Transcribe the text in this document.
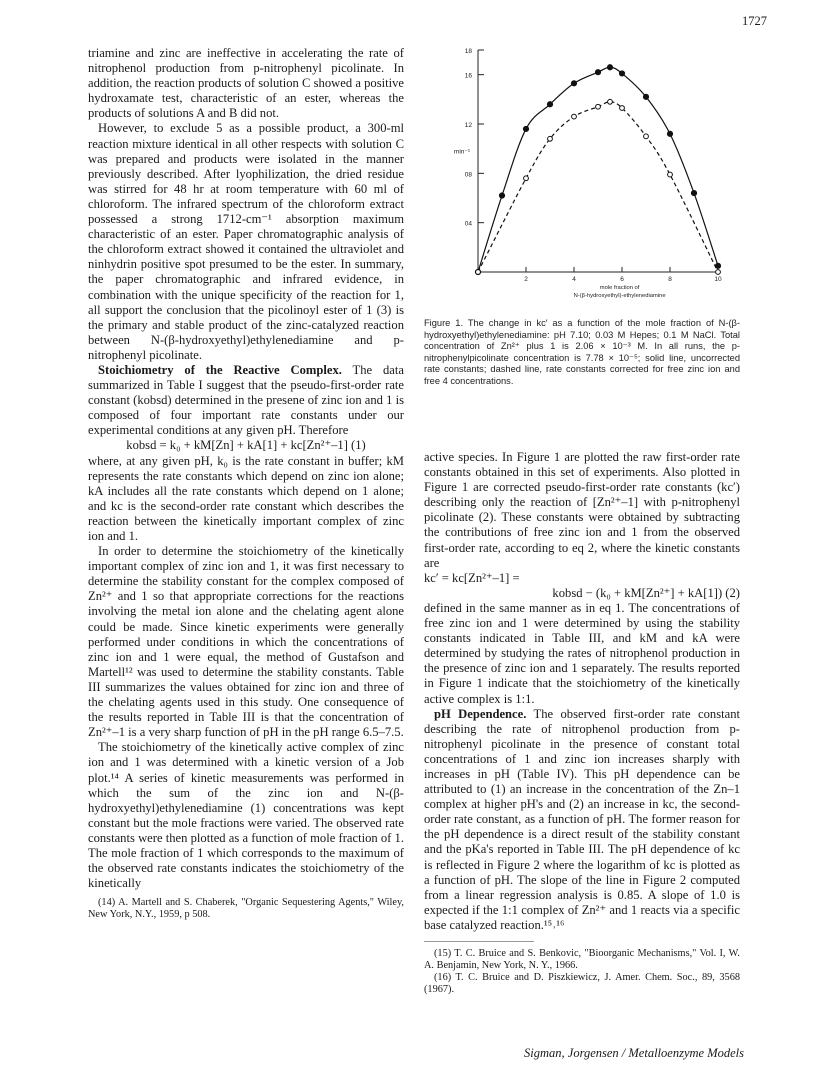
1727

triamine and zinc are ineffective in accelerating the rate of nitrophenol production from p-nitrophenyl picolinate. In addition, the reaction products of solution C showed a positive hydroxamate test, characteristic of an ester, whereas the products of solutions A and B did not.

However, to exclude 5 as a possible product, a 300-ml reaction mixture identical in all other respects with solution C was prepared and products were isolated in the manner previously described. After lyophilization, the dried residue was stirred for 48 hr at room temperature with 60 ml of chloroform. The infrared spectrum of the chloroform extract possessed a strong 1712-cm⁻¹ absorption maximum characteristic of an ester. Paper chromatographic analysis of the chloroform extract showed it contained the ultraviolet and ninhydrin positive spot presumed to be the ester. In summary, the paper chromatographic and infrared evidence, in combination with the unique specificity of the reaction for 1, all support the conclusion that the picolinoyl ester of 1 (3) is the primary and stable product of the zinc-catalyzed reaction between N-(β-hydroxyethyl)ethylenediamine and p-nitrophenyl picolinate.

Stoichiometry of the Reactive Complex. The data summarized in Table I suggest that the pseudo-first-order rate constant (kobsd) determined in the presene of zinc ion and 1 is composed of four important rate constants under our experimental conditions at any given pH. Therefore

kobsd = k₀ + kM[Zn] + kA[1] + kc[Zn²⁺–1] (1)

where, at any given pH, k₀ is the rate constant in buffer; kM represents the rate constants which depend on zinc ion alone; kA includes all the rate constants which depend on 1 alone; and kc is the second-order rate constant which describes the reaction between the kinetically important complex of zinc ion and 1.

In order to determine the stoichiometry of the kinetically important complex of zinc ion and 1, it was first necessary to determine the stability constant for the complex composed of Zn²⁺ and 1 so that appropriate corrections for the reactions involving the metal ion alone and the chelating agent alone could be made. Since kinetic experiments were generally performed under conditions in which the concentrations of zinc ion and 1 were equal, the method of Gustafson and Martell¹² was used to determine the stability constants. Table III summarizes the values obtained for zinc ion and three of the chelating agents used in this study. One consequence of the results reported in Table III is that the concentration of Zn²⁺–1 is a very sharp function of pH in the pH range 6.5–7.5.

The stoichiometry of the kinetically active complex of zinc ion and 1 was determined with a kinetic version of a Job plot.¹⁴ A series of kinetic measurements was performed in which the sum of the zinc ion and N-(β-hydroxyethyl)ethylenediamine (1) concentrations was kept constant but the mole fractions were varied. The observed rate constants were then plotted as a function of mole fraction of 1. The mole fraction of 1 which corresponds to the maximum of the observed rate constants indicates the stoichiometry of the kinetically

(14) A. Martell and S. Chaberek, "Organic Sequestering Agents," Wiley, New York, N.Y., 1959, p 508.

04
08
12
16
18
2	4	6	8	10
min⁻¹
mole fraction of
N-(β-hydroxyethyl)-ethylenediamine
Figure 1. The change in kc′ as a function of the mole fraction of N-(β-hydroxyethyl)ethylenediamine: pH 7.10; 0.03 M Hepes; 0.1 M NaCl. Total concentration of Zn²⁺ plus 1 is 2.06 × 10⁻³ M. In all runs, the p-nitrophenylpicolinate concentration is 7.78 × 10⁻⁵; solid line, uncorrected rate constants; dashed line, rate constants corrected for free zinc ion and free 4 concentrations.

active species. In Figure 1 are plotted the raw first-order rate constants obtained in this set of experiments. Also plotted in Figure 1 are corrected pseudo-first-order rate constants (kc′) describing only the reaction of [Zn²⁺–1] with p-nitrophenyl picolinate (2). These constants were obtained by subtracting the contributions of free zinc ion and 1 from the observed first-order rate, according to eq 2, where the kinetic constants are

kc′ = kc[Zn²⁺–1] =

kobsd − (k₀ + kM[Zn²⁺] + kA[1]) (2)

defined in the same manner as in eq 1. The concentrations of free zinc ion and 1 were determined by using the stability constants indicated in Table III, and kM and kA were determined by studying the rates of nitrophenol production in the presence of zinc ion and 1 separately. The results reported in Figure 1 indicate that the stoichiometry of the kinetically active complex is 1:1.

pH Dependence. The observed first-order rate constant describing the rate of nitrophenol production from p-nitrophenyl picolinate in the presence of constant total concentrations of 1 and zinc ion increases sharply with increases in pH (Table IV). This pH dependence can be attributed to (1) an increase in the concentration of the Zn–1 complex at higher pH's and (2) an increase in kc, the second-order rate constant, as a function of pH. The former reason for the pH dependence is a direct result of the stability constant and the pKa's reported in Table III. The pH dependence of kc is reflected in Figure 2 where the logarithm of kc is plotted as a function of pH. The slope of the line in Figure 2 computed from a linear regression analysis is 0.85. A slope of 1.0 is expected if the 1:1 complex of Zn²⁺ and 1 reacts via a specific base catalyzed reaction.¹⁵˒¹⁶

(15) T. C. Bruice and S. Benkovic, "Bioorganic Mechanisms," Vol. I, W. A. Benjamin, New York, N. Y., 1966.

(16) T. C. Bruice and D. Piszkiewicz, J. Amer. Chem. Soc., 89, 3568 (1967).

Sigman, Jorgensen / Metalloenzyme Models
